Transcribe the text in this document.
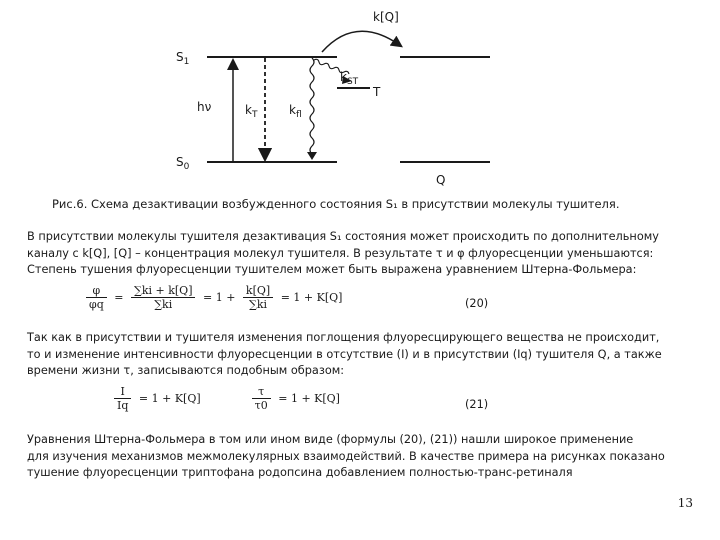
k[Q]
$S_1$
$S_0$
hν	$k_T$	$k_{fl}$
$k_{ST}$
T
Q
Рис.6. Схема дезактивации возбужденного состояния S₁ в присутствии молекулы тушителя.
В присутствии молекулы тушителя дезактивация S₁ состояния может происходить по дополнительному
каналу с k[Q], [Q] – концентрация молекул тушителя. В результате τ и φ флуоресценции уменьшаются:
Степень тушения флуоресценции тушителем может быть выражена уравнением Штерна-Фольмера:
$\frac{\varphi}{\varphi q} = \frac{\sum ki + k[Q]}{\sum ki} = 1 + \frac{k[Q]}{\sum ki} = 1 + K[Q]$	(20)
Так как в присутствии и тушителя изменения поглощения флуоресцирующего вещества не происходит,
то и изменение интенсивности флуоресценции в отсутствие (I) и в присутствии (Iq) тушителя Q, а также
времени жизни τ, записываются подобным образом:
$\frac{I}{Iq} = 1 + K[Q]$	$\frac{\tau}{\tau 0} = 1 + K[Q]$	(21)
Уравнения Штерна-Фольмера в том или ином виде (формулы (20), (21)) нашли широкое применение
для изучения механизмов межмолекулярных взаимодействий. В качестве примера на рисунках показано
тушение флуоресценции триптофана родопсина добавлением полностью-транс-ретиналя
13
